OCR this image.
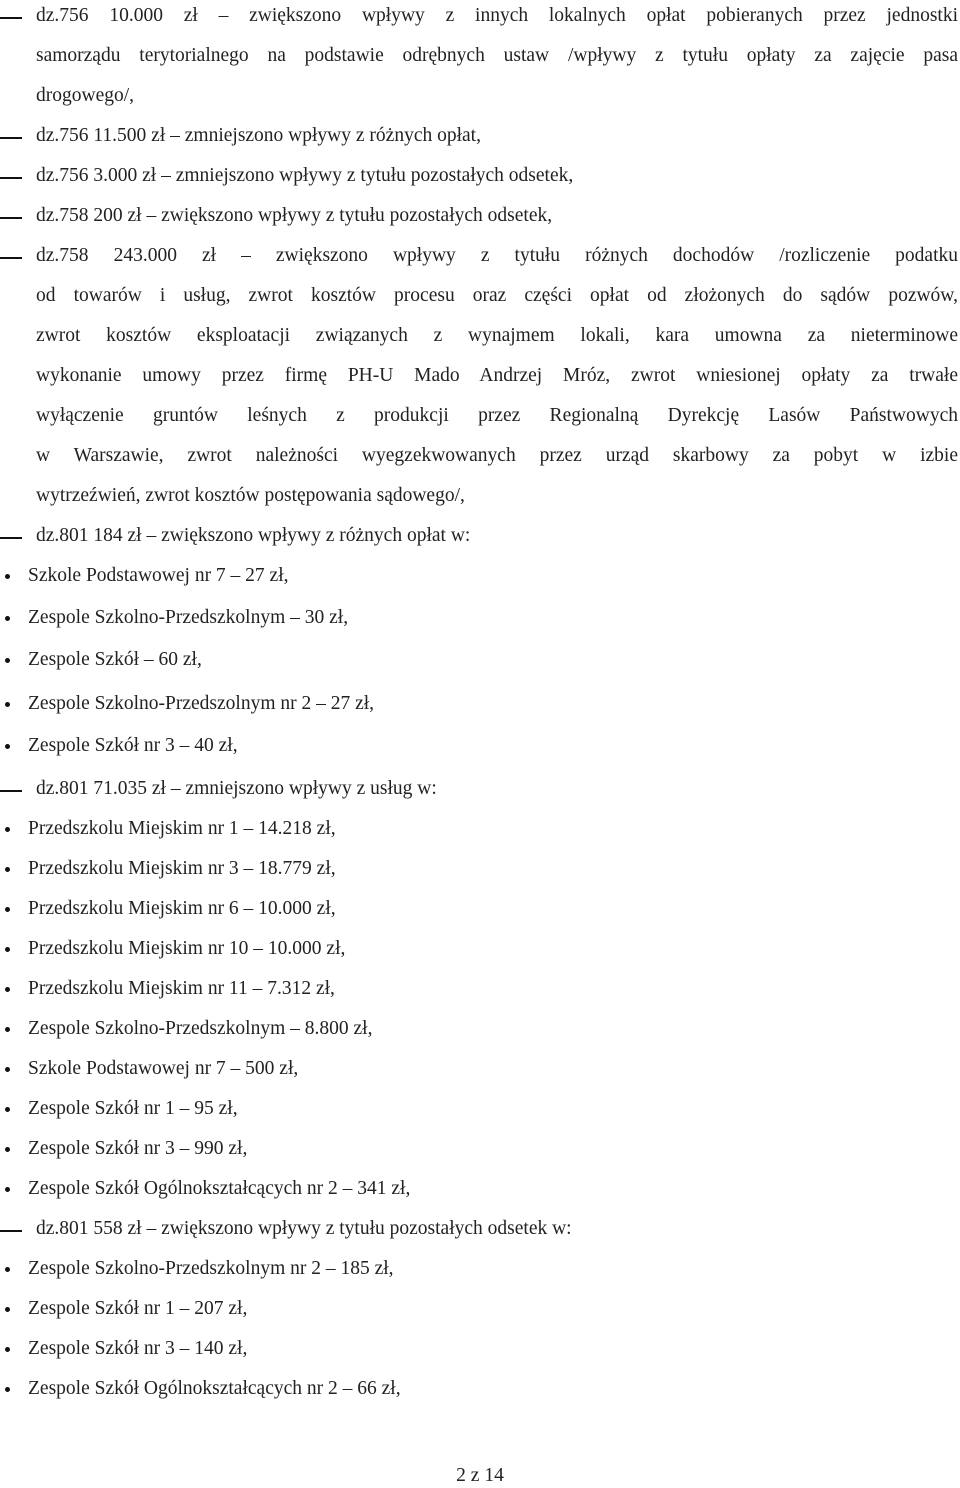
dz.756 10.000 zł – zwiększono wpływy z innych lokalnych opłat pobieranych przez jednostki
samorządu terytorialnego na podstawie odrębnych ustaw /wpływy z tytułu opłaty za zajęcie pasa
drogowego/,
dz.756 11.500 zł – zmniejszono wpływy z różnych opłat,
dz.756 3.000 zł – zmniejszono wpływy z tytułu pozostałych odsetek,
dz.758 200 zł – zwiększono wpływy z tytułu pozostałych odsetek,
dz.758 243.000 zł – zwiększono wpływy z tytułu różnych dochodów /rozliczenie podatku
od towarów i usług, zwrot kosztów procesu oraz części opłat od złożonych do sądów pozwów,
zwrot kosztów eksploatacji związanych z wynajmem lokali, kara umowna za nieterminowe
wykonanie umowy przez firmę PH-U Mado Andrzej Mróz, zwrot wniesionej opłaty za trwałe
wyłączenie gruntów leśnych z produkcji przez Regionalną Dyrekcję Lasów Państwowych
w Warszawie, zwrot należności wyegzekwowanych przez urząd skarbowy za pobyt w izbie
wytrzeźwień, zwrot kosztów postępowania sądowego/,
dz.801 184 zł – zwiększono wpływy z różnych opłat w:
Szkole Podstawowej nr 7 – 27 zł,
Zespole Szkolno-Przedszkolnym – 30 zł,
Zespole Szkół – 60 zł,
Zespole Szkolno-Przedszolnym nr 2 – 27 zł,
Zespole Szkół nr 3 – 40 zł,
dz.801 71.035 zł – zmniejszono wpływy z usług w:
Przedszkolu Miejskim nr 1 – 14.218 zł,
Przedszkolu Miejskim nr 3 – 18.779 zł,
Przedszkolu Miejskim nr 6 – 10.000 zł,
Przedszkolu Miejskim nr 10 – 10.000 zł,
Przedszkolu Miejskim nr 11 – 7.312 zł,
Zespole Szkolno-Przedszkolnym – 8.800 zł,
Szkole Podstawowej nr 7 – 500 zł,
Zespole Szkół nr 1 – 95 zł,
Zespole Szkół nr 3 – 990 zł,
Zespole Szkół Ogólnokształcących nr 2 – 341 zł,
dz.801 558 zł – zwiększono wpływy z tytułu pozostałych odsetek w:
Zespole Szkolno-Przedszkolnym nr 2 – 185 zł,
Zespole Szkół nr 1 – 207 zł,
Zespole Szkół nr 3 – 140 zł,
Zespole Szkół Ogólnokształcących nr 2 – 66 zł,
2 z 14
